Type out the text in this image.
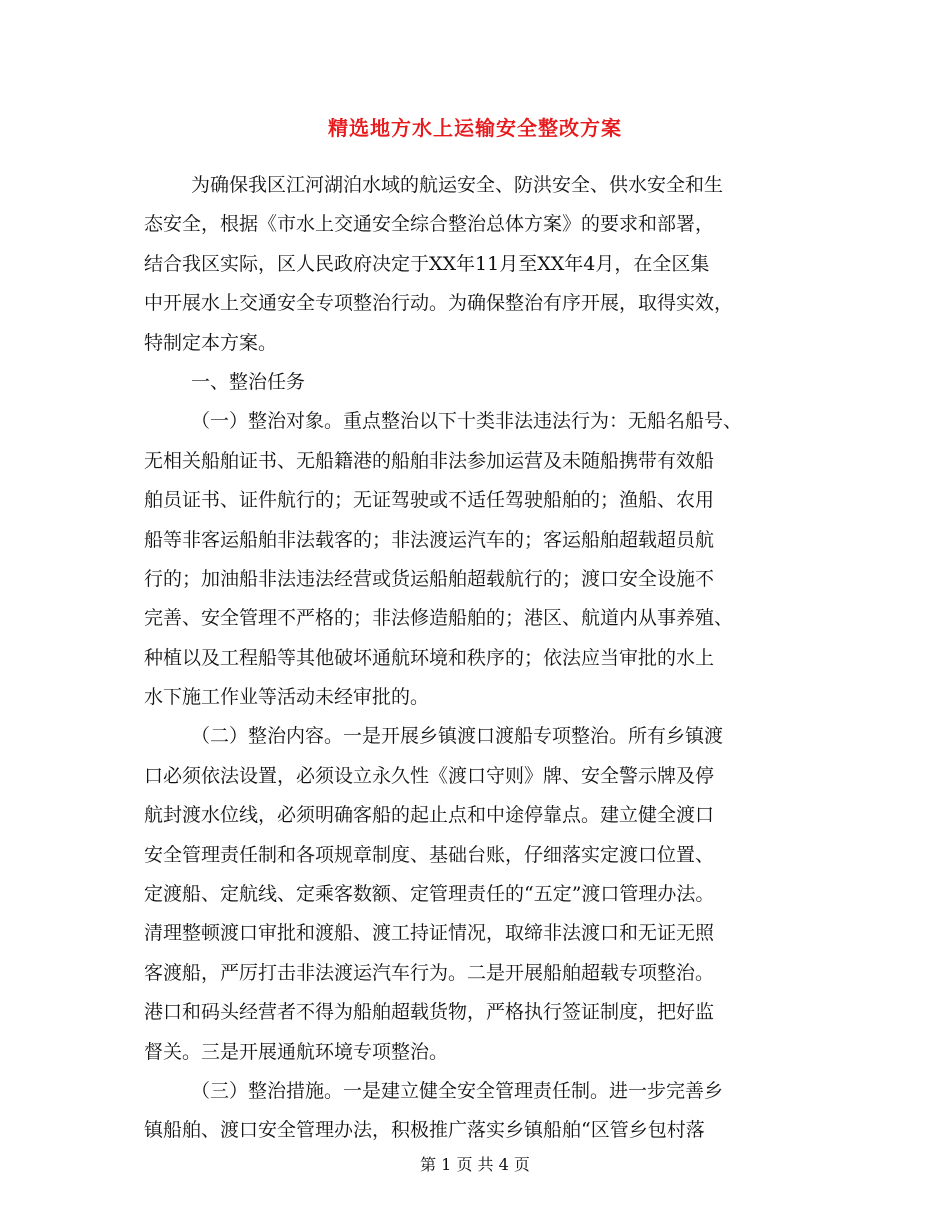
精选地方水上运输安全整改方案
为确保我区江河湖泊水域的航运安全、防洪安全、供水安全和生
态安全，根据《市水上交通安全综合整治总体方案》的要求和部署，
结合我区实际，区人民政府决定于XX年11月至XX年4月，在全区集
中开展水上交通安全专项整治行动。为确保整治有序开展，取得实效，
特制定本方案。
一、整治任务
（一）整治对象。重点整治以下十类非法违法行为：无船名船号、
无相关船舶证书、无船籍港的船舶非法参加运营及未随船携带有效船
舶员证书、证件航行的；无证驾驶或不适任驾驶船舶的；渔船、农用
船等非客运船舶非法载客的；非法渡运汽车的；客运船舶超载超员航
行的；加油船非法违法经营或货运船舶超载航行的；渡口安全设施不
完善、安全管理不严格的；非法修造船舶的；港区、航道内从事养殖、
种植以及工程船等其他破坏通航环境和秩序的；依法应当审批的水上
水下施工作业等活动未经审批的。
（二）整治内容。一是开展乡镇渡口渡船专项整治。所有乡镇渡
口必须依法设置，必须设立永久性《渡口守则》牌、安全警示牌及停
航封渡水位线，必须明确客船的起止点和中途停靠点。建立健全渡口
安全管理责任制和各项规章制度、基础台账，仔细落实定渡口位置、
定渡船、定航线、定乘客数额、定管理责任的“五定”渡口管理办法。
清理整顿渡口审批和渡船、渡工持证情况，取缔非法渡口和无证无照
客渡船，严厉打击非法渡运汽车行为。二是开展船舶超载专项整治。
港口和码头经营者不得为船舶超载货物，严格执行签证制度，把好监
督关。三是开展通航环境专项整治。
（三）整治措施。一是建立健全安全管理责任制。进一步完善乡
镇船舶、渡口安全管理办法，积极推广落实乡镇船舶“区管乡包村落
第 1 页 共 4 页
